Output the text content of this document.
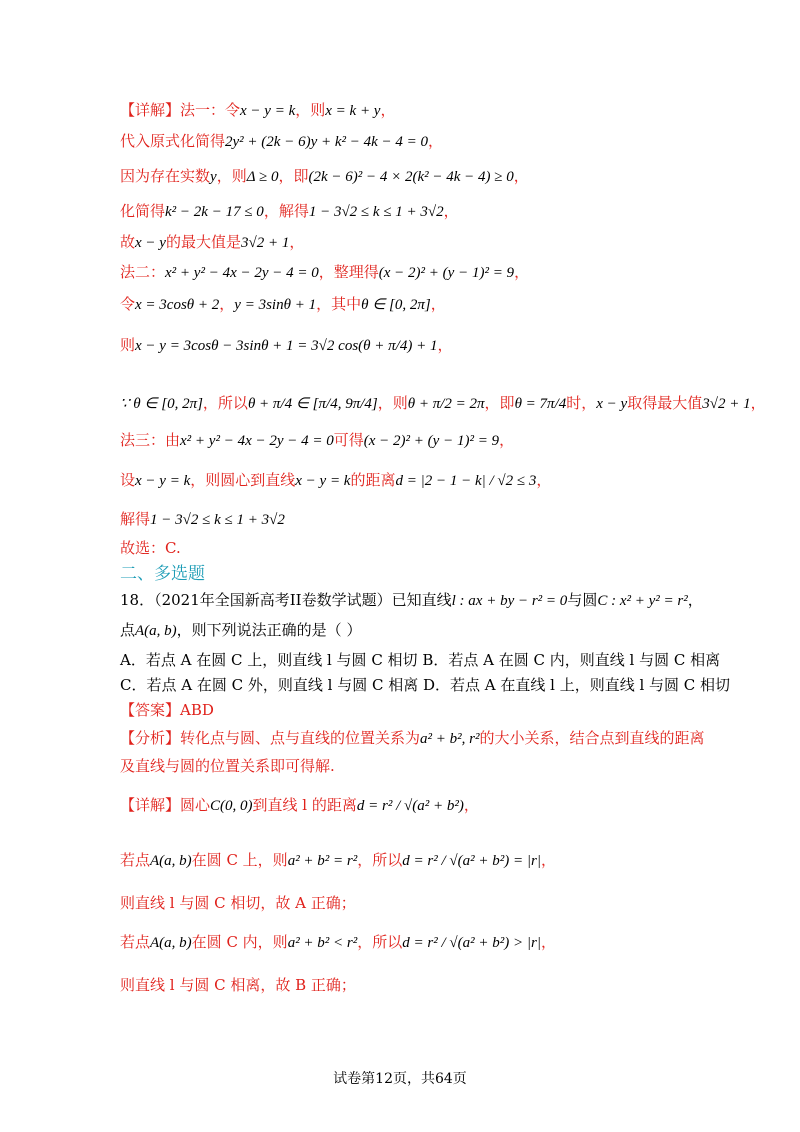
【详解】法一：令x − y = k，则x = k + y，
代入原式化简得2y² + (2k − 6)y + k² − 4k − 4 = 0，
因为存在实数y，则Δ ≥ 0，即(2k − 6)² − 4 × 2(k² − 4k − 4) ≥ 0，
化简得k² − 2k − 17 ≤ 0，解得1 − 3√2 ≤ k ≤ 1 + 3√2，
故x − y的最大值是3√2 + 1，
法二：x² + y² − 4x − 2y − 4 = 0，整理得(x − 2)² + (y − 1)² = 9，
令x = 3cosθ + 2，y = 3sinθ + 1，其中θ ∈ [0, 2π]，
则x − y = 3cosθ − 3sinθ + 1 = 3√2 cos(θ + π/4) + 1，
∵ θ ∈ [0, 2π]，所以θ + π/4 ∈ [π/4, 9π/4]，则θ + π/2 = 2π，即θ = 7π/4时，x − y取得最大值3√2 + 1，
法三：由x² + y² − 4x − 2y − 4 = 0可得(x − 2)² + (y − 1)² = 9，
设x − y = k，则圆心到直线x − y = k的距离d = |2 − 1 − k| / √2 ≤ 3，
解得1 − 3√2 ≤ k ≤ 1 + 3√2
故选：C.
二、多选题
18．（2021年全国新高考II卷数学试题）已知直线l : ax + by − r² = 0与圆C : x² + y² = r²，
点A(a, b)，则下列说法正确的是（ ）
A．若点 A 在圆 C 上，则直线 l 与圆 C 相切 B．若点 A 在圆 C 内，则直线 l 与圆 C 相离
C．若点 A 在圆 C 外，则直线 l 与圆 C 相离 D．若点 A 在直线 l 上，则直线 l 与圆 C 相切
【答案】ABD
【分析】转化点与圆、点与直线的位置关系为a² + b², r²的大小关系，结合点到直线的距离
及直线与圆的位置关系即可得解.
【详解】圆心C(0, 0)到直线 l 的距离d = r² / √(a² + b²)，
若点A(a, b)在圆 C 上，则a² + b² = r²，所以d = r² / √(a² + b²) = |r|，
则直线 l 与圆 C 相切，故 A 正确；
若点A(a, b)在圆 C 内，则a² + b² < r²，所以d = r² / √(a² + b²) > |r|，
则直线 l 与圆 C 相离，故 B 正确；
试卷第12页，共64页
